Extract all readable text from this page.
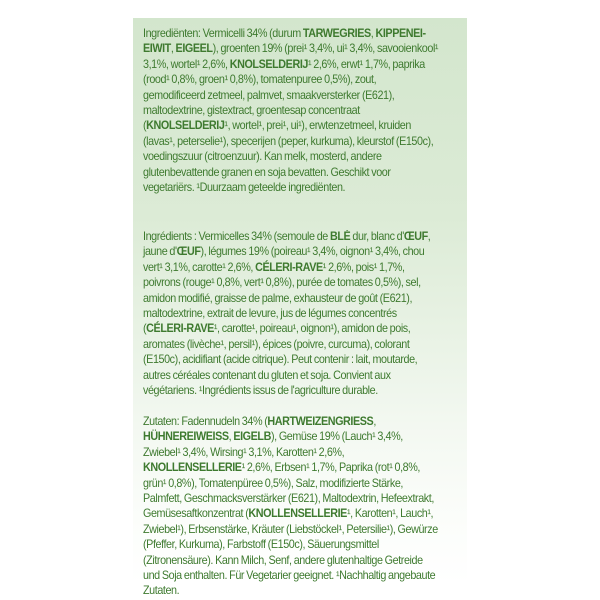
Ingrediënten: Vermicelli 34% (durum TARWEGRIES, KIPPENEI-EIWIT, EIGEEL), groenten 19% (prei¹ 3,4%, ui¹ 3,4%, savooienkool¹ 3,1%, wortel¹ 2,6%, KNOLSELDERIJ¹ 2,6%, erwt¹ 1,7%, paprika (rood¹ 0,8%, groen¹ 0,8%), tomatenpuree 0,5%), zout, gemodificeerd zetmeel, palmvet, smaakversterker (E621), maltodextrine, gistextract, groentesap concentraat (KNOLSELDERIJ¹, wortel¹, prei¹, ui¹), erwtenzetmeel, kruiden (lavas¹, peterselie¹), specerijen (peper, kurkuma), kleurstof (E150c), voedingszuur (citroenzuur). Kan melk, mosterd, andere glutenbevattende granen en soja bevatten. Geschikt voor vegetariërs. ¹Duurzaam geteelde ingrediënten.
Ingrédients : Vermicelles 34% (semoule de BLÉ dur, blanc d'ŒUF, jaune d'ŒUF), légumes 19% (poireau¹ 3,4%, oignon¹ 3,4%, chou vert¹ 3,1%, carotte¹ 2,6%, CÉLERI-RAVE¹ 2,6%, pois¹ 1,7%, poivrons (rouge¹ 0,8%, vert¹ 0,8%), purée de tomates 0,5%), sel, amidon modifié, graisse de palme, exhausteur de goût (E621), maltodextrine, extrait de levure, jus de légumes concentrés (CÉLERI-RAVE¹, carotte¹, poireau¹, oignon¹), amidon de pois, aromates (livèche¹, persil¹), épices (poivre, curcuma), colorant (E150c), acidifiant (acide citrique). Peut contenir : lait, moutarde, autres céréales contenant du gluten et soja. Convient aux végétariens. ¹Ingrédients issus de l'agriculture durable.
Zutaten: Fadennudeln 34% (HARTWEIZENGRIESS, HÜHNEREIWEISS, EIGELB), Gemüse 19% (Lauch¹ 3,4%, Zwiebel¹ 3,4%, Wirsing¹ 3,1%, Karotten¹ 2,6%, KNOLLENSELLERIE¹ 2,6%, Erbsen¹ 1,7%, Paprika (rot¹ 0,8%, grün¹ 0,8%), Tomatenpüree 0,5%), Salz, modifizierte Stärke, Palmfett, Geschmacksverstärker (E621), Maltodextrin, Hefeextrakt, Gemüsesaftkonzentrat (KNOLLENSELLERIE¹, Karotten¹, Lauch¹, Zwiebel¹), Erbsenstärke, Kräuter (Liebstöckel¹, Petersilie¹), Gewürze (Pfeffer, Kurkuma), Farbstoff (E150c), Säuerungsmittel (Zitronensäure). Kann Milch, Senf, andere glutenhaltige Getreide und Soja enthalten. Für Vegetarier geeignet. ¹Nachhaltig angebaute Zutaten.
